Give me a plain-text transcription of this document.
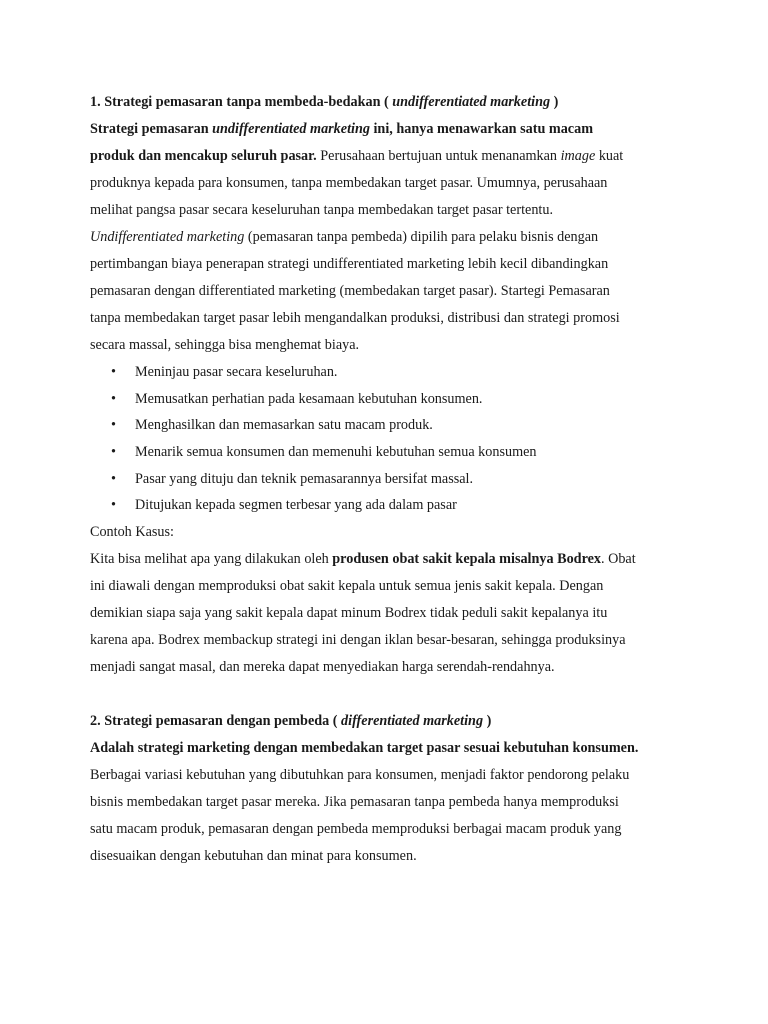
1. Strategi pemasaran tanpa membeda-bedakan ( undifferentiated marketing )
Strategi pemasaran undifferentiated marketing ini, hanya menawarkan satu macam
produk dan mencakup seluruh pasar. Perusahaan bertujuan untuk menanamkan image kuat
produknya kepada para konsumen, tanpa membedakan target pasar. Umumnya, perusahaan
melihat pangsa pasar secara keseluruhan tanpa membedakan target pasar tertentu.
Undifferentiated marketing (pemasaran tanpa pembeda) dipilih para pelaku bisnis dengan
pertimbangan biaya penerapan strategi undifferentiated marketing lebih kecil dibandingkan
pemasaran dengan differentiated marketing (membedakan target pasar). Startegi Pemasaran
tanpa membedakan target pasar lebih mengandalkan produksi, distribusi dan strategi promosi
secara massal, sehingga bisa menghemat biaya.
• Meninjau pasar secara keseluruhan.
• Memusatkan perhatian pada kesamaan kebutuhan konsumen.
• Menghasilkan dan memasarkan satu macam produk.
• Menarik semua konsumen dan memenuhi kebutuhan semua konsumen
• Pasar yang dituju dan teknik pemasarannya bersifat massal.
• Ditujukan kepada segmen terbesar yang ada dalam pasar
Contoh Kasus:
Kita bisa melihat apa yang dilakukan oleh produsen obat sakit kepala misalnya Bodrex. Obat
ini diawali dengan memproduksi obat sakit kepala untuk semua jenis sakit kepala. Dengan
demikian siapa saja yang sakit kepala dapat minum Bodrex tidak peduli sakit kepalanya itu
karena apa. Bodrex membackup strategi ini dengan iklan besar-besaran, sehingga produksinya
menjadi sangat masal, dan mereka dapat menyediakan harga serendah-rendahnya.
2. Strategi pemasaran dengan pembeda ( differentiated marketing )
Adalah strategi marketing dengan membedakan target pasar sesuai kebutuhan konsumen.
Berbagai variasi kebutuhan yang dibutuhkan para konsumen, menjadi faktor pendorong pelaku
bisnis membedakan target pasar mereka. Jika pemasaran tanpa pembeda hanya memproduksi
satu macam produk, pemasaran dengan pembeda memproduksi berbagai macam produk yang
disesuaikan dengan kebutuhan dan minat para konsumen.
